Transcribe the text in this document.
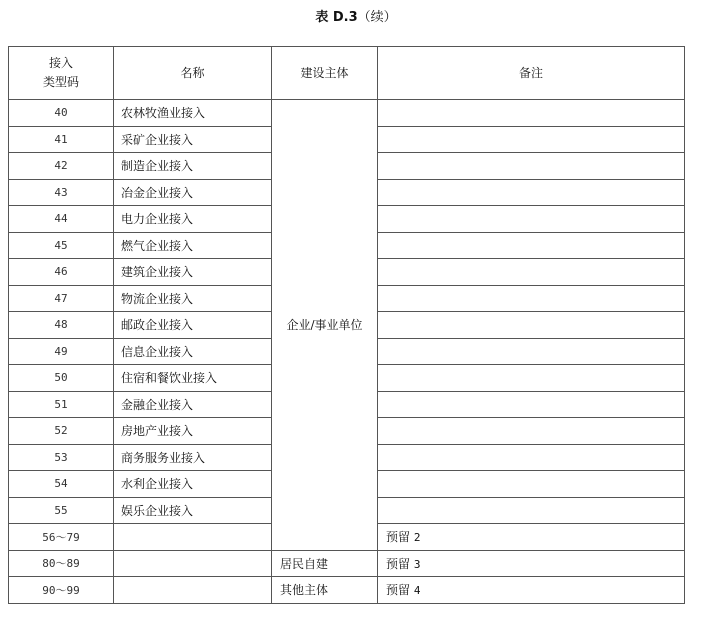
表 D.3（续）
接入
类型码	名称	建设主体	备注
40	农林牧渔业接入	企业/事业单位	
41	采矿企业接入		
42	制造企业接入		
43	冶金企业接入		
44	电力企业接入		
45	燃气企业接入		
46	建筑企业接入		
47	物流企业接入		
48	邮政企业接入		
49	信息企业接入		
50	住宿和餐饮业接入		
51	金融企业接入		
52	房地产业接入		
53	商务服务业接入		
54	水利企业接入		
55	娱乐企业接入		
56～79			预留 2
80～89		居民自建	预留 3
90～99		其他主体	预留 4
